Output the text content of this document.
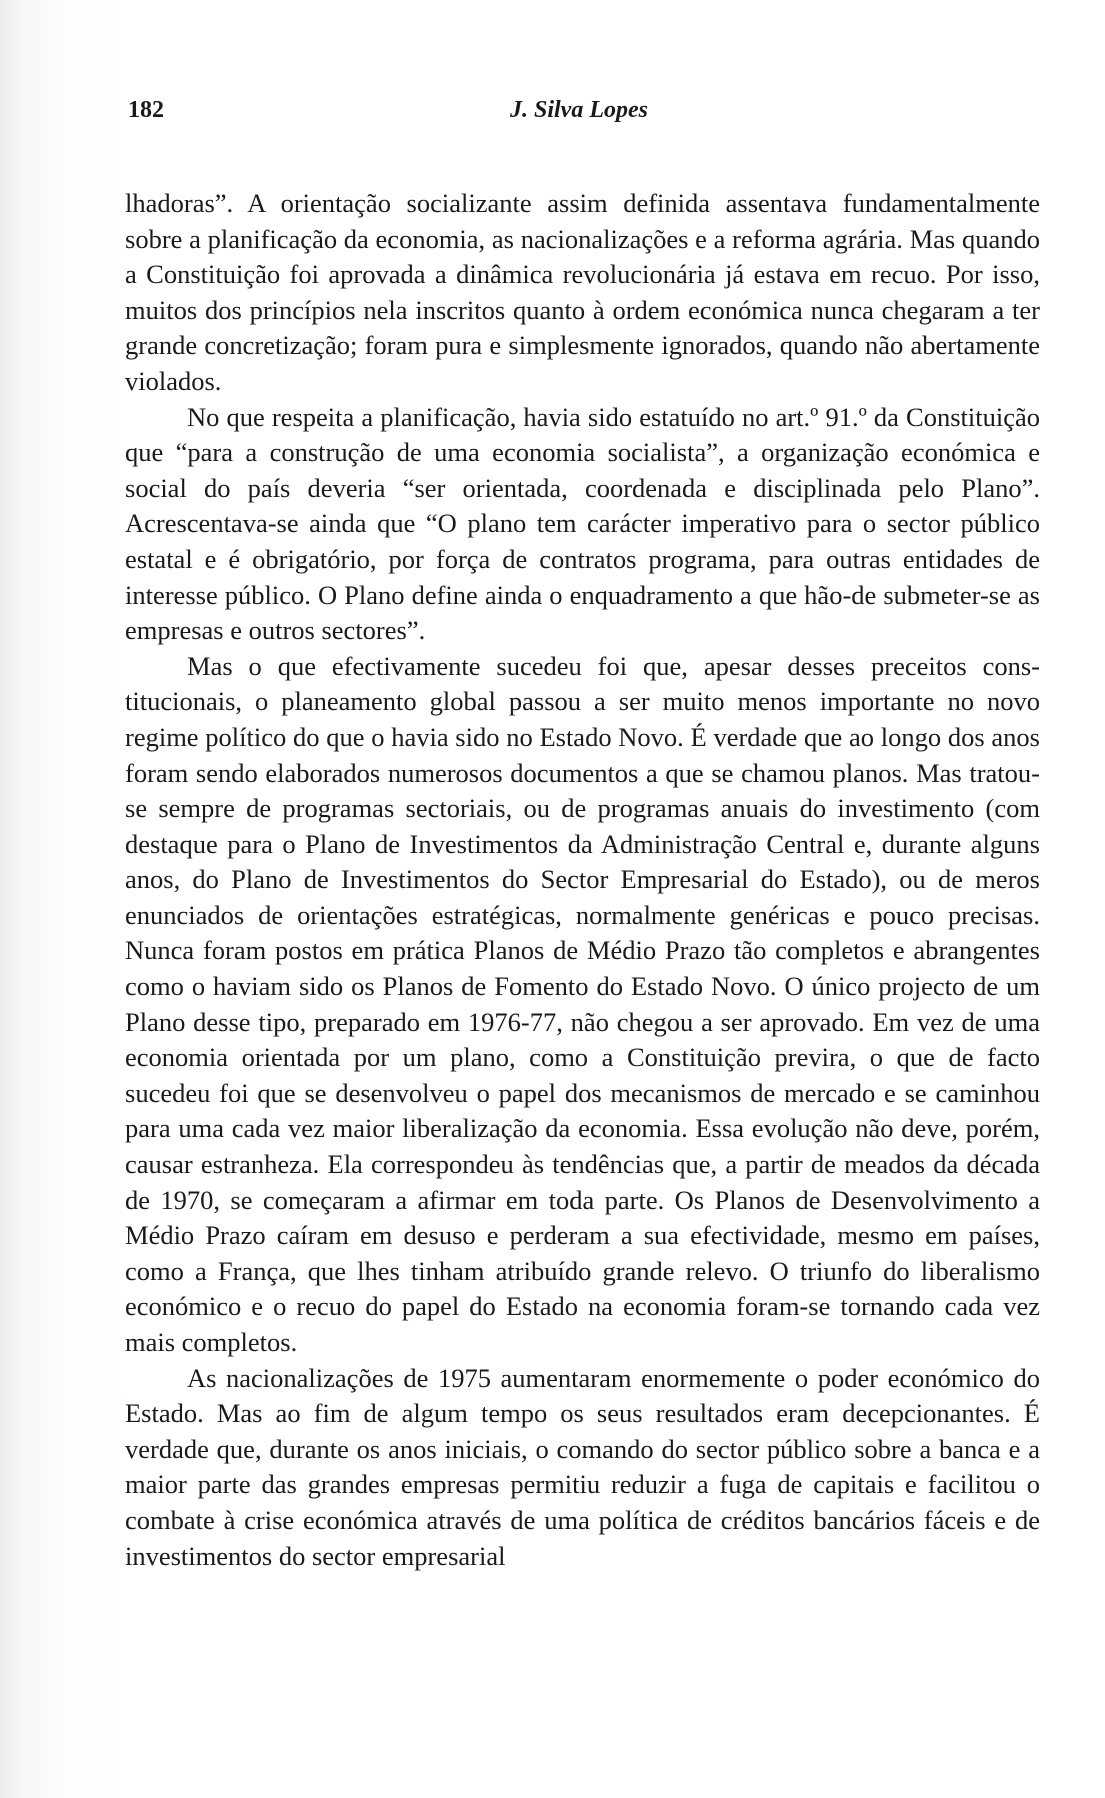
182	J. Silva Lopes

lhadoras”. A orientação socializante assim definida assentava fundamentalmente sobre a planificação da economia, as nacionalizações e a reforma agrária. Mas quando a Constituição foi aprovada a dinâmica revolucionária já estava em recuo. Por isso, muitos dos princípios nela inscritos quanto à ordem económica nunca chegaram a ter grande concretização; foram pura e simplesmente ignorados, quando não abertamente violados.

No que respeita a planificação, havia sido estatuído no art.º 91.º da Constituição que “para a construção de uma economia socialista”, a organização económica e social do país deveria “ser orientada, coordenada e disciplinada pelo Plano”. Acrescentava-se ainda que “O plano tem carácter imperativo para o sector público estatal e é obrigatório, por força de contratos programa, para outras entidades de interesse público. O Plano define ainda o enquadramento a que hão-de submeter-se as empresas e outros sectores”.

Mas o que efectivamente sucedeu foi que, apesar desses preceitos constitucionais, o planeamento global passou a ser muito menos importante no novo regime político do que o havia sido no Estado Novo. É verdade que ao longo dos anos foram sendo elaborados numerosos documentos a que se chamou planos. Mas tratou-se sempre de programas sectoriais, ou de programas anuais do investimento (com destaque para o Plano de Investimentos da Administração Central e, durante alguns anos, do Plano de Investimentos do Sector Empresarial do Estado), ou de meros enunciados de orientações estratégicas, normalmente genéricas e pouco precisas. Nunca foram postos em prática Planos de Médio Prazo tão completos e abrangentes como o haviam sido os Planos de Fomento do Estado Novo. O único projecto de um Plano desse tipo, preparado em 1976-77, não chegou a ser aprovado. Em vez de uma economia orientada por um plano, como a Constituição previra, o que de facto sucedeu foi que se desenvolveu o papel dos mecanismos de mercado e se caminhou para uma cada vez maior liberalização da economia. Essa evolução não deve, porém, causar estranheza. Ela correspondeu às tendências que, a partir de meados da década de 1970, se começaram a afirmar em toda parte. Os Planos de Desenvolvimento a Médio Prazo caíram em desuso e perderam a sua efectividade, mesmo em países, como a França, que lhes tinham atribuído grande relevo. O triunfo do liberalismo económico e o recuo do papel do Estado na economia foram-se tornando cada vez mais completos.

As nacionalizações de 1975 aumentaram enormemente o poder económico do Estado. Mas ao fim de algum tempo os seus resultados eram decepcionantes. É verdade que, durante os anos iniciais, o comando do sector público sobre a banca e a maior parte das grandes empresas permitiu reduzir a fuga de capitais e facilitou o combate à crise económica através de uma política de créditos bancários fáceis e de investimentos do sector empresarial
